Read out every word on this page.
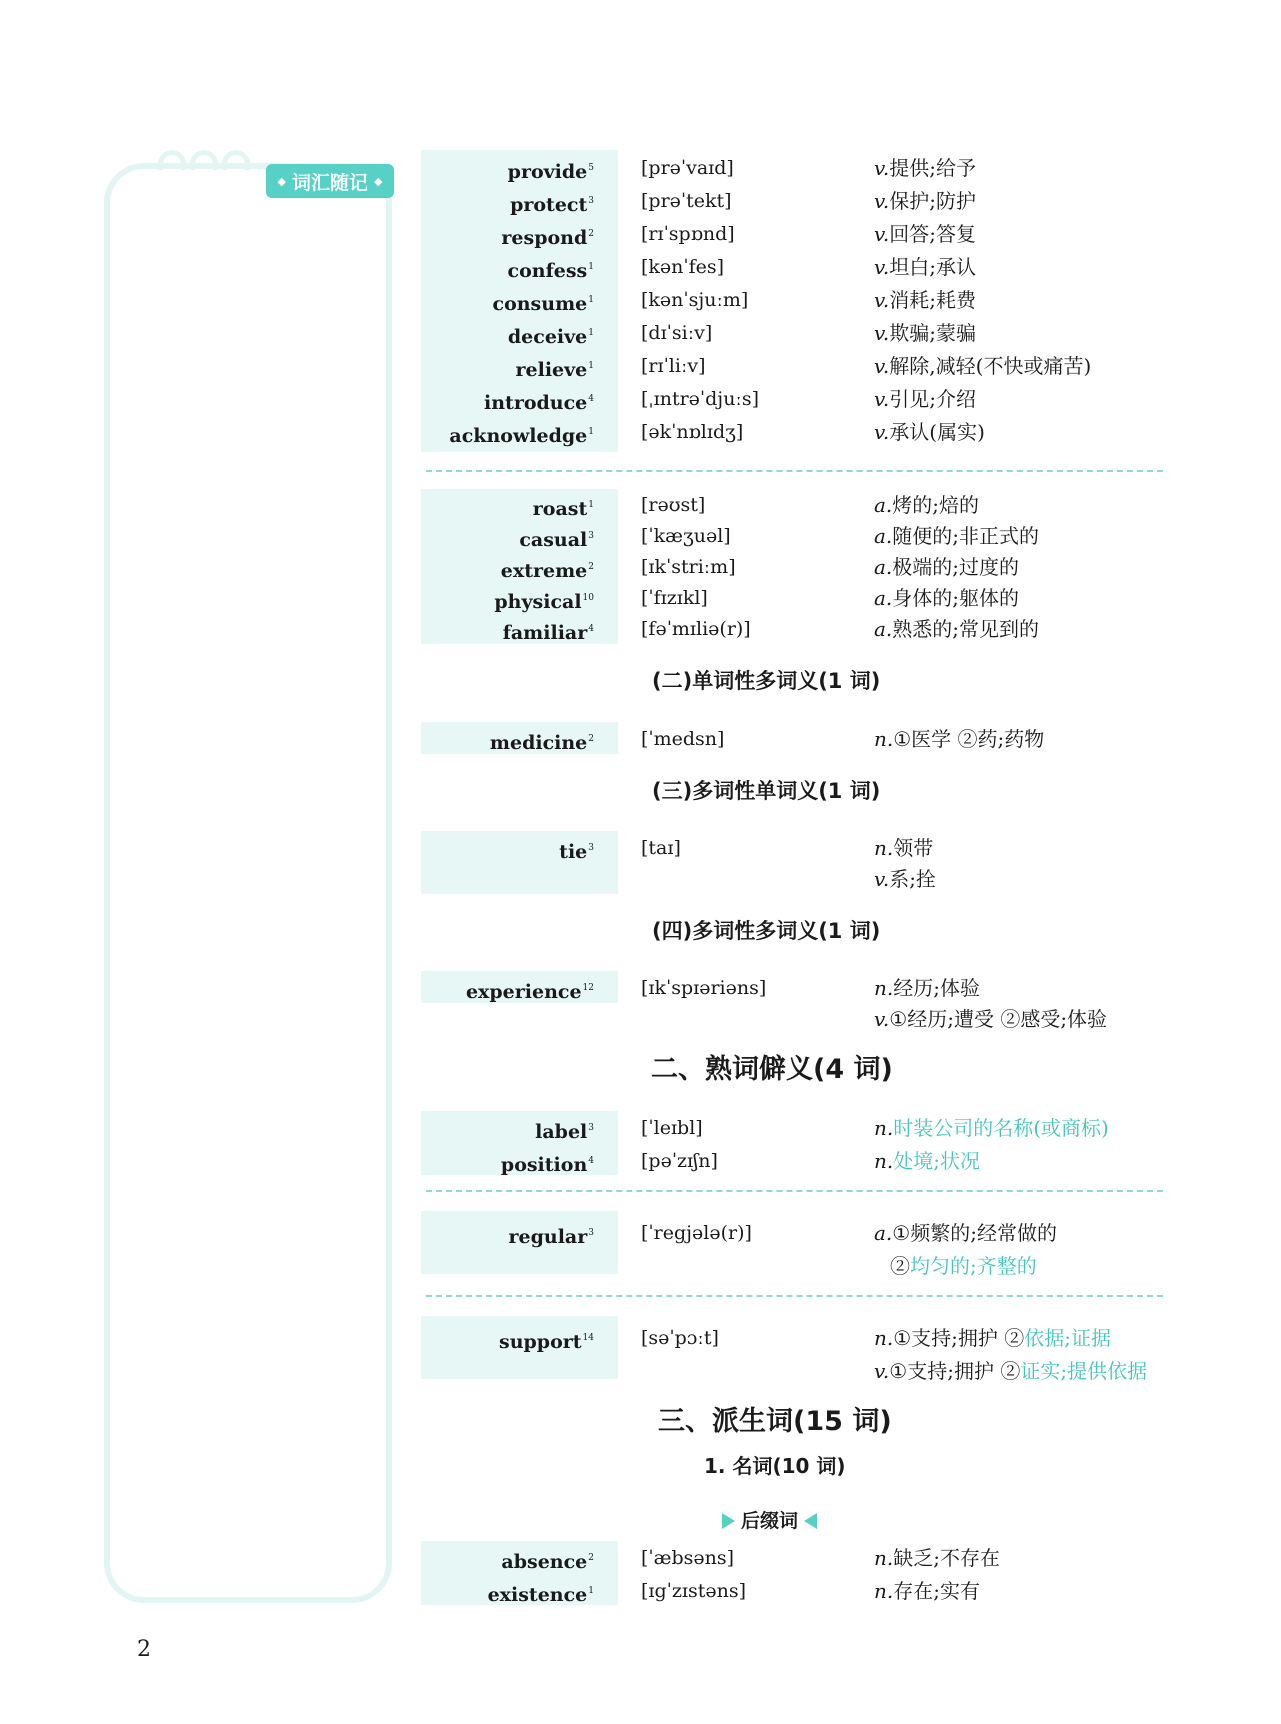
◆ 词汇随记 ◆	provide$^5$ [prəˈvaɪd]	v.提供;给予
protect$^3$ [prəˈtekt]	v.保护;防护
respond$^2$ [rɪˈspɒnd]	v.回答;答复
confess$^1$ [kənˈfes]	v.坦白;承认
consume$^1$ [kənˈsjuːm]	v.消耗;耗费
deceive$^1$ [dɪˈsiːv]	v.欺骗;蒙骗
relieve$^1$ [rɪˈliːv]	v.解除,减轻(不快或痛苦)
introduce$^4$ [ˌɪntrəˈdjuːs]	v.引见;介绍
acknowledge$^1$ [əkˈnɒlɪdʒ]	v.承认(属实)
roast$^1$ [rəʊst]	a.烤的;焙的
casual$^3$ [ˈkæʒuəl]	a.随便的;非正式的
extreme$^2$ [ɪkˈstriːm]	a.极端的;过度的
physical$^{10}$ [ˈfɪzɪkl]	a.身体的;躯体的
familiar$^4$ [fəˈmɪliə(r)]	a.熟悉的;常见到的
(二)单词性多词义(1 词)
medicine$^2$ [ˈmedsn]	n.①医学 ②药;药物
(三)多词性单词义(1 词)
tie$^3$ [taɪ]	n.领带
v.系;拴
(四)多词性多词义(1 词)
experience$^{12}$ [ɪkˈspɪəriəns]	n.经历;体验
v.①经历;遭受 ②感受;体验
二、熟词僻义(4 词)
label$^3$ [ˈleɪbl]	n.时装公司的名称(或商标)
position$^4$ [pəˈzɪʃn]	n.处境;状况
regular$^3$ [ˈregjələ(r)]	a.①频繁的;经常做的
②均匀的;齐整的
support$^{14}$ [səˈpɔːt]	n.①支持;拥护 ②依据;证据
v.①支持;拥护 ②证实;提供依据
三、派生词(15 词)
1. 名词(10 词)
后缀词
absence$^2$ [ˈæbsəns]	n.缺乏;不存在
existence$^1$ [ɪgˈzɪstəns]	n.存在;实有
2
